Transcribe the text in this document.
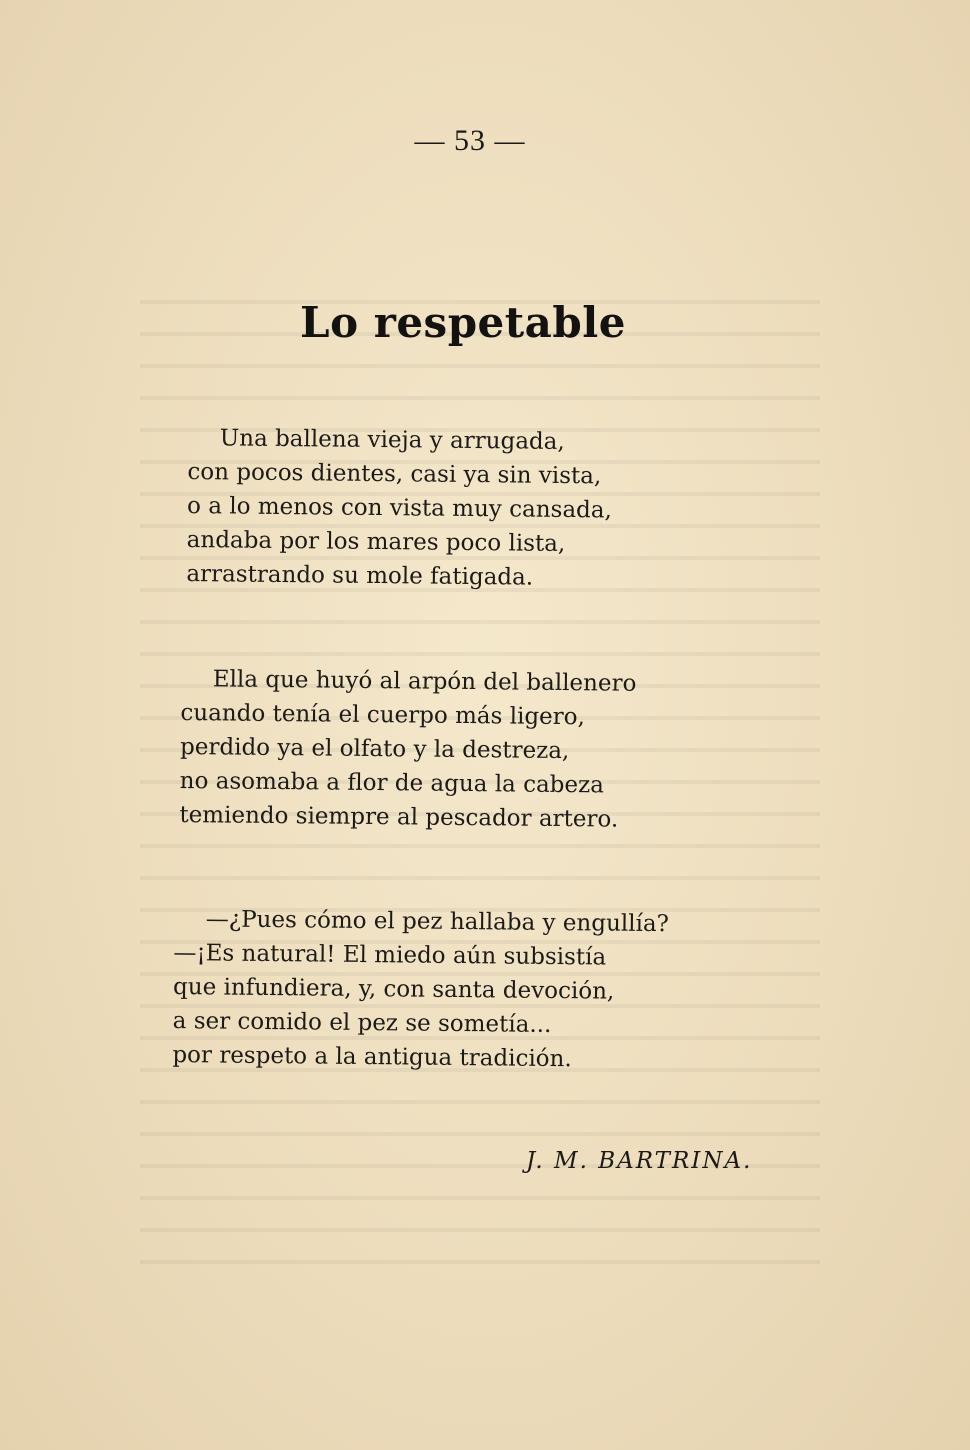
— 53 —
Lo respetable
Una ballena vieja y arrugada,
con pocos dientes, casi ya sin vista,
o a lo menos con vista muy cansada,
andaba por los mares poco lista,
arrastrando su mole fatigada.
Ella que huyó al arpón del ballenero
cuando tenía el cuerpo más ligero,
perdido ya el olfato y la destreza,
no asomaba a flor de agua la cabeza
temiendo siempre al pescador artero.
—¿Pues cómo el pez hallaba y engullía?
—¡Es natural! El miedo aún subsistía
que infundiera, y, con santa devoción,
a ser comido el pez se sometía...
por respeto a la antigua tradición.
J. M. BARTRINA.
